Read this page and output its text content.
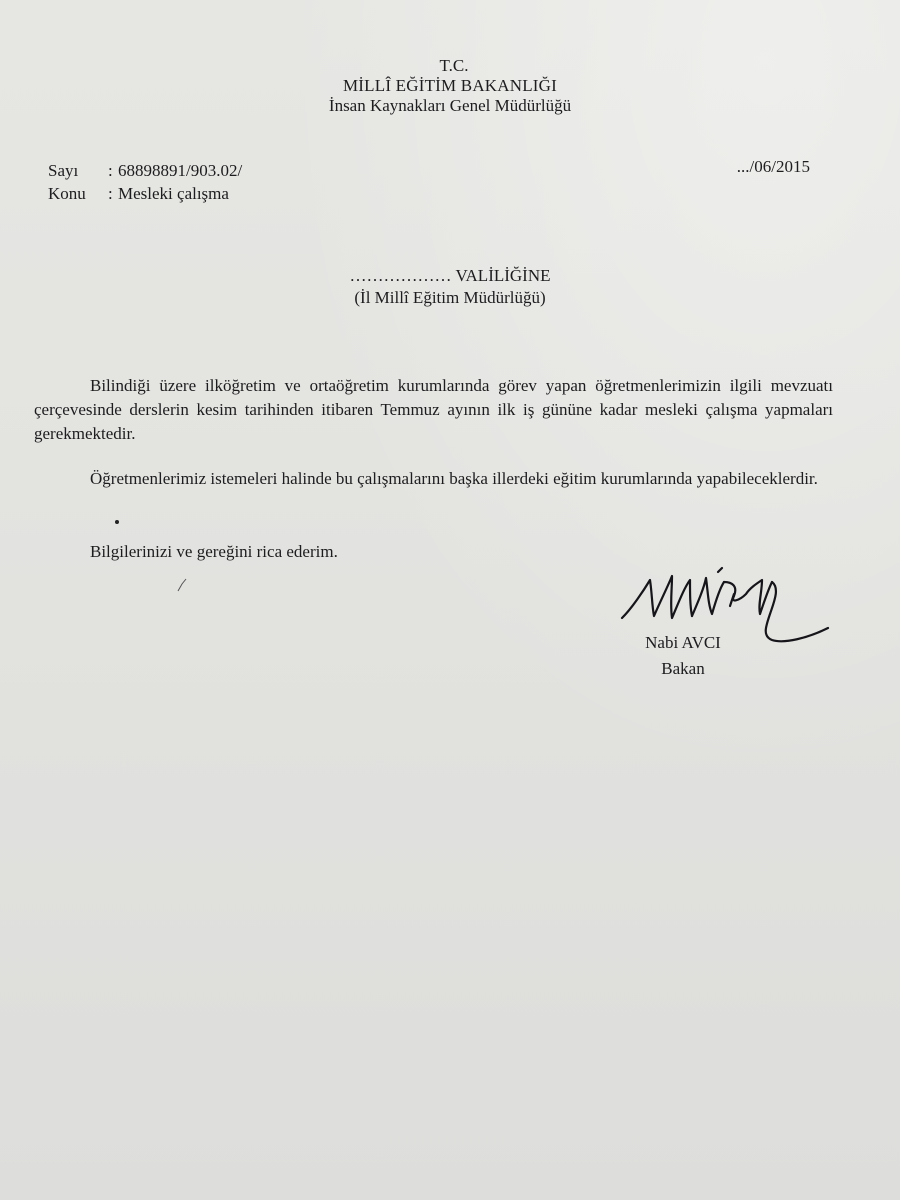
T.C.
MİLLÎ EĞİTİM BAKANLIĞI
İnsan Kaynakları Genel Müdürlüğü
Sayı : 68898891/903.02/
Konu : Mesleki çalışma
.../06/2015
……………… VALİLİĞİNE
(İl Millî Eğitim Müdürlüğü)
Bilindiği üzere ilköğretim ve ortaöğretim kurumlarında görev yapan öğretmenlerimizin ilgili mevzuatı çerçevesinde derslerin kesim tarihinden itibaren Temmuz ayının ilk iş gününe kadar mesleki çalışma yapmaları gerekmektedir.
Öğretmenlerimiz istemeleri halinde bu çalışmalarını başka illerdeki eğitim kurumlarında yapabileceklerdir.
Bilgilerinizi ve gereğini rica ederim.
Nabi AVCI
Bakan
